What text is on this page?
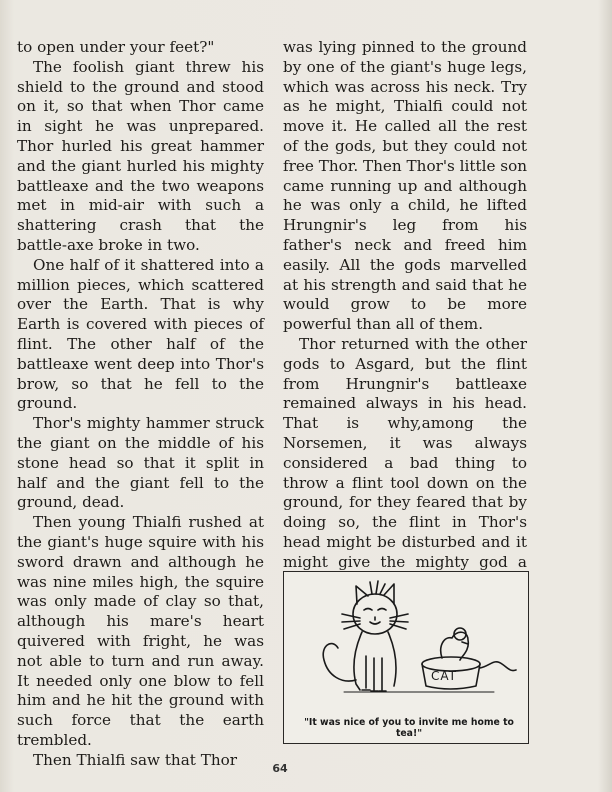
to open under your feet?"

The foolish giant threw his shield to the ground and stood on it, so that when Thor came in sight he was unprepared. Thor hurled his great hammer and the giant hurled his mighty battleaxe and the two weapons met in mid-air with such a shattering crash that the battle-axe broke in two.

One half of it shattered into a million pieces, which scattered over the Earth. That is why Earth is covered with pieces of flint. The other half of the battleaxe went deep into Thor's brow, so that he fell to the ground.

Thor's mighty hammer struck the giant on the middle of his stone head so that it split in half and the giant fell to the ground, dead.

Then young Thialfi rushed at the giant's huge squire with his sword drawn and although he was nine miles high, the squire was only made of clay so that, although his mare's heart quivered with fright, he was not able to turn and run away. It needed only one blow to fell him and he hit the ground with such force that the earth trembled.

Then Thialfi saw that Thor

was lying pinned to the ground by one of the giant's huge legs, which was across his neck. Try as he might, Thialfi could not move it. He called all the rest of the gods, but they could not free Thor. Then Thor's little son came running up and although he was only a child, he lifted Hrungnir's leg from his father's neck and freed him easily. All the gods marvelled at his strength and said that he would grow to be more powerful than all of them.

Thor returned with the other gods to Asgard, but the flint from Hrungnir's battleaxe remained always in his head. That is why,among the Norsemen, it was always considered a bad thing to throw a flint tool down on the ground, for they feared that by doing so, the flint in Thor's head might be disturbed and it might give the mighty god a

CAT
"It was nice of you to invite me home to tea!"
64
